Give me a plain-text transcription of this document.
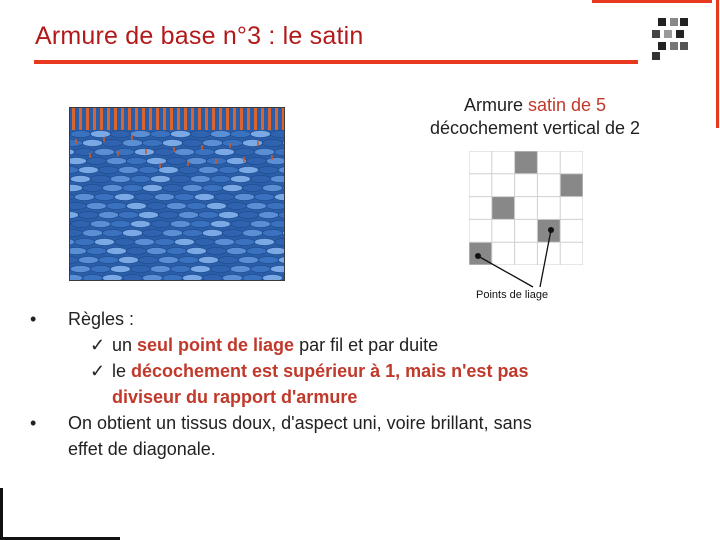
Armure de base n°3 : le satin
Armure satin de 5
décochement vertical de 2
Points de liage
• Règles :
✓ un seul point de liage par fil et par duite
✓ le décochement est supérieur à 1, mais n'est pas
diviseur du rapport d'armure
• On obtient un tissus doux, d'aspect uni, voire brillant, sans
effet de diagonale.
